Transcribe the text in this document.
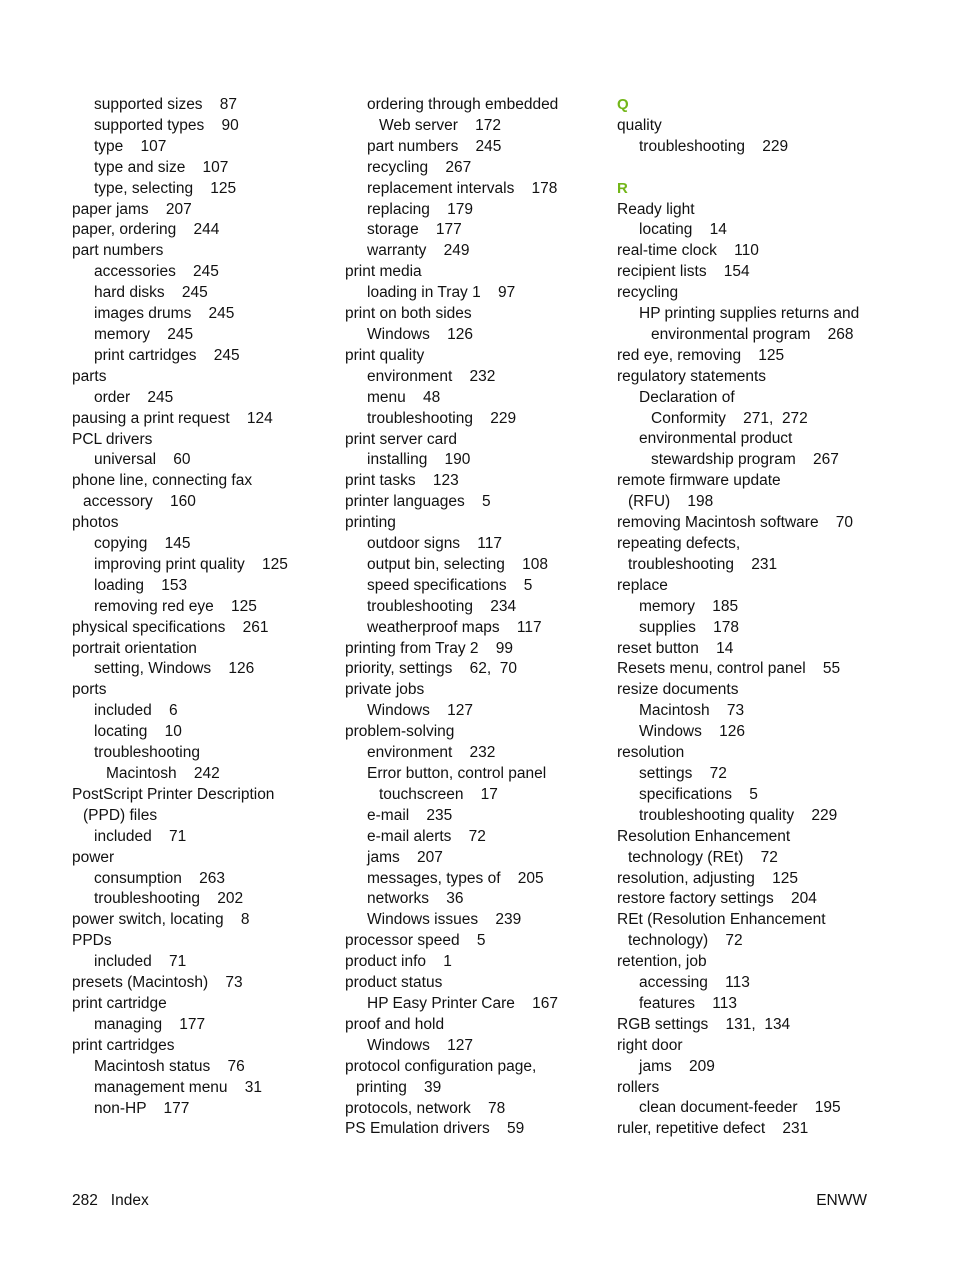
supported sizes    87
supported types    90
type    107
type and size    107
type, selecting    125
paper jams    207
paper, ordering    244
part numbers
accessories    245
hard disks    245
images drums    245
memory    245
print cartridges    245
parts
order    245
pausing a print request    124
PCL drivers
universal    60
phone line, connecting fax
accessory    160
photos
copying    145
improving print quality    125
loading    153
removing red eye    125
physical specifications    261
portrait orientation
setting, Windows    126
ports
included    6
locating    10
troubleshooting
Macintosh    242
PostScript Printer Description
(PPD) files
included    71
power
consumption    263
troubleshooting    202
power switch, locating    8
PPDs
included    71
presets (Macintosh)    73
print cartridge
managing    177
print cartridges
Macintosh status    76
management menu    31
non-HP    177
ordering through embedded
Web server    172
part numbers    245
recycling    267
replacement intervals    178
replacing    179
storage    177
warranty    249
print media
loading in Tray 1    97
print on both sides
Windows    126
print quality
environment    232
menu    48
troubleshooting    229
print server card
installing    190
print tasks    123
printer languages    5
printing
outdoor signs    117
output bin, selecting    108
speed specifications    5
troubleshooting    234
weatherproof maps    117
printing from Tray 2    99
priority, settings    62,  70
private jobs
Windows    127
problem-solving
environment    232
Error button, control panel
touchscreen    17
e-mail    235
e-mail alerts    72
jams    207
messages, types of    205
networks    36
Windows issues    239
processor speed    5
product info    1
product status
HP Easy Printer Care    167
proof and hold
Windows    127
protocol configuration page,
printing    39
protocols, network    78
PS Emulation drivers    59
Q
quality
troubleshooting    229
R
Ready light
locating    14
real-time clock    110
recipient lists    154
recycling
HP printing supplies returns and
environmental program    268
red eye, removing    125
regulatory statements
Declaration of
Conformity    271,  272
environmental product
stewardship program    267
remote firmware update
(RFU)    198
removing Macintosh software    70
repeating defects,
troubleshooting    231
replace
memory    185
supplies    178
reset button    14
Resets menu, control panel    55
resize documents
Macintosh    73
Windows    126
resolution
settings    72
specifications    5
troubleshooting quality    229
Resolution Enhancement
technology (REt)    72
resolution, adjusting    125
restore factory settings    204
REt (Resolution Enhancement
technology)    72
retention, job
accessing    113
features    113
RGB settings    131,  134
right door
jams    209
rollers
clean document-feeder    195
ruler, repetitive defect    231
282   Index	ENWW
